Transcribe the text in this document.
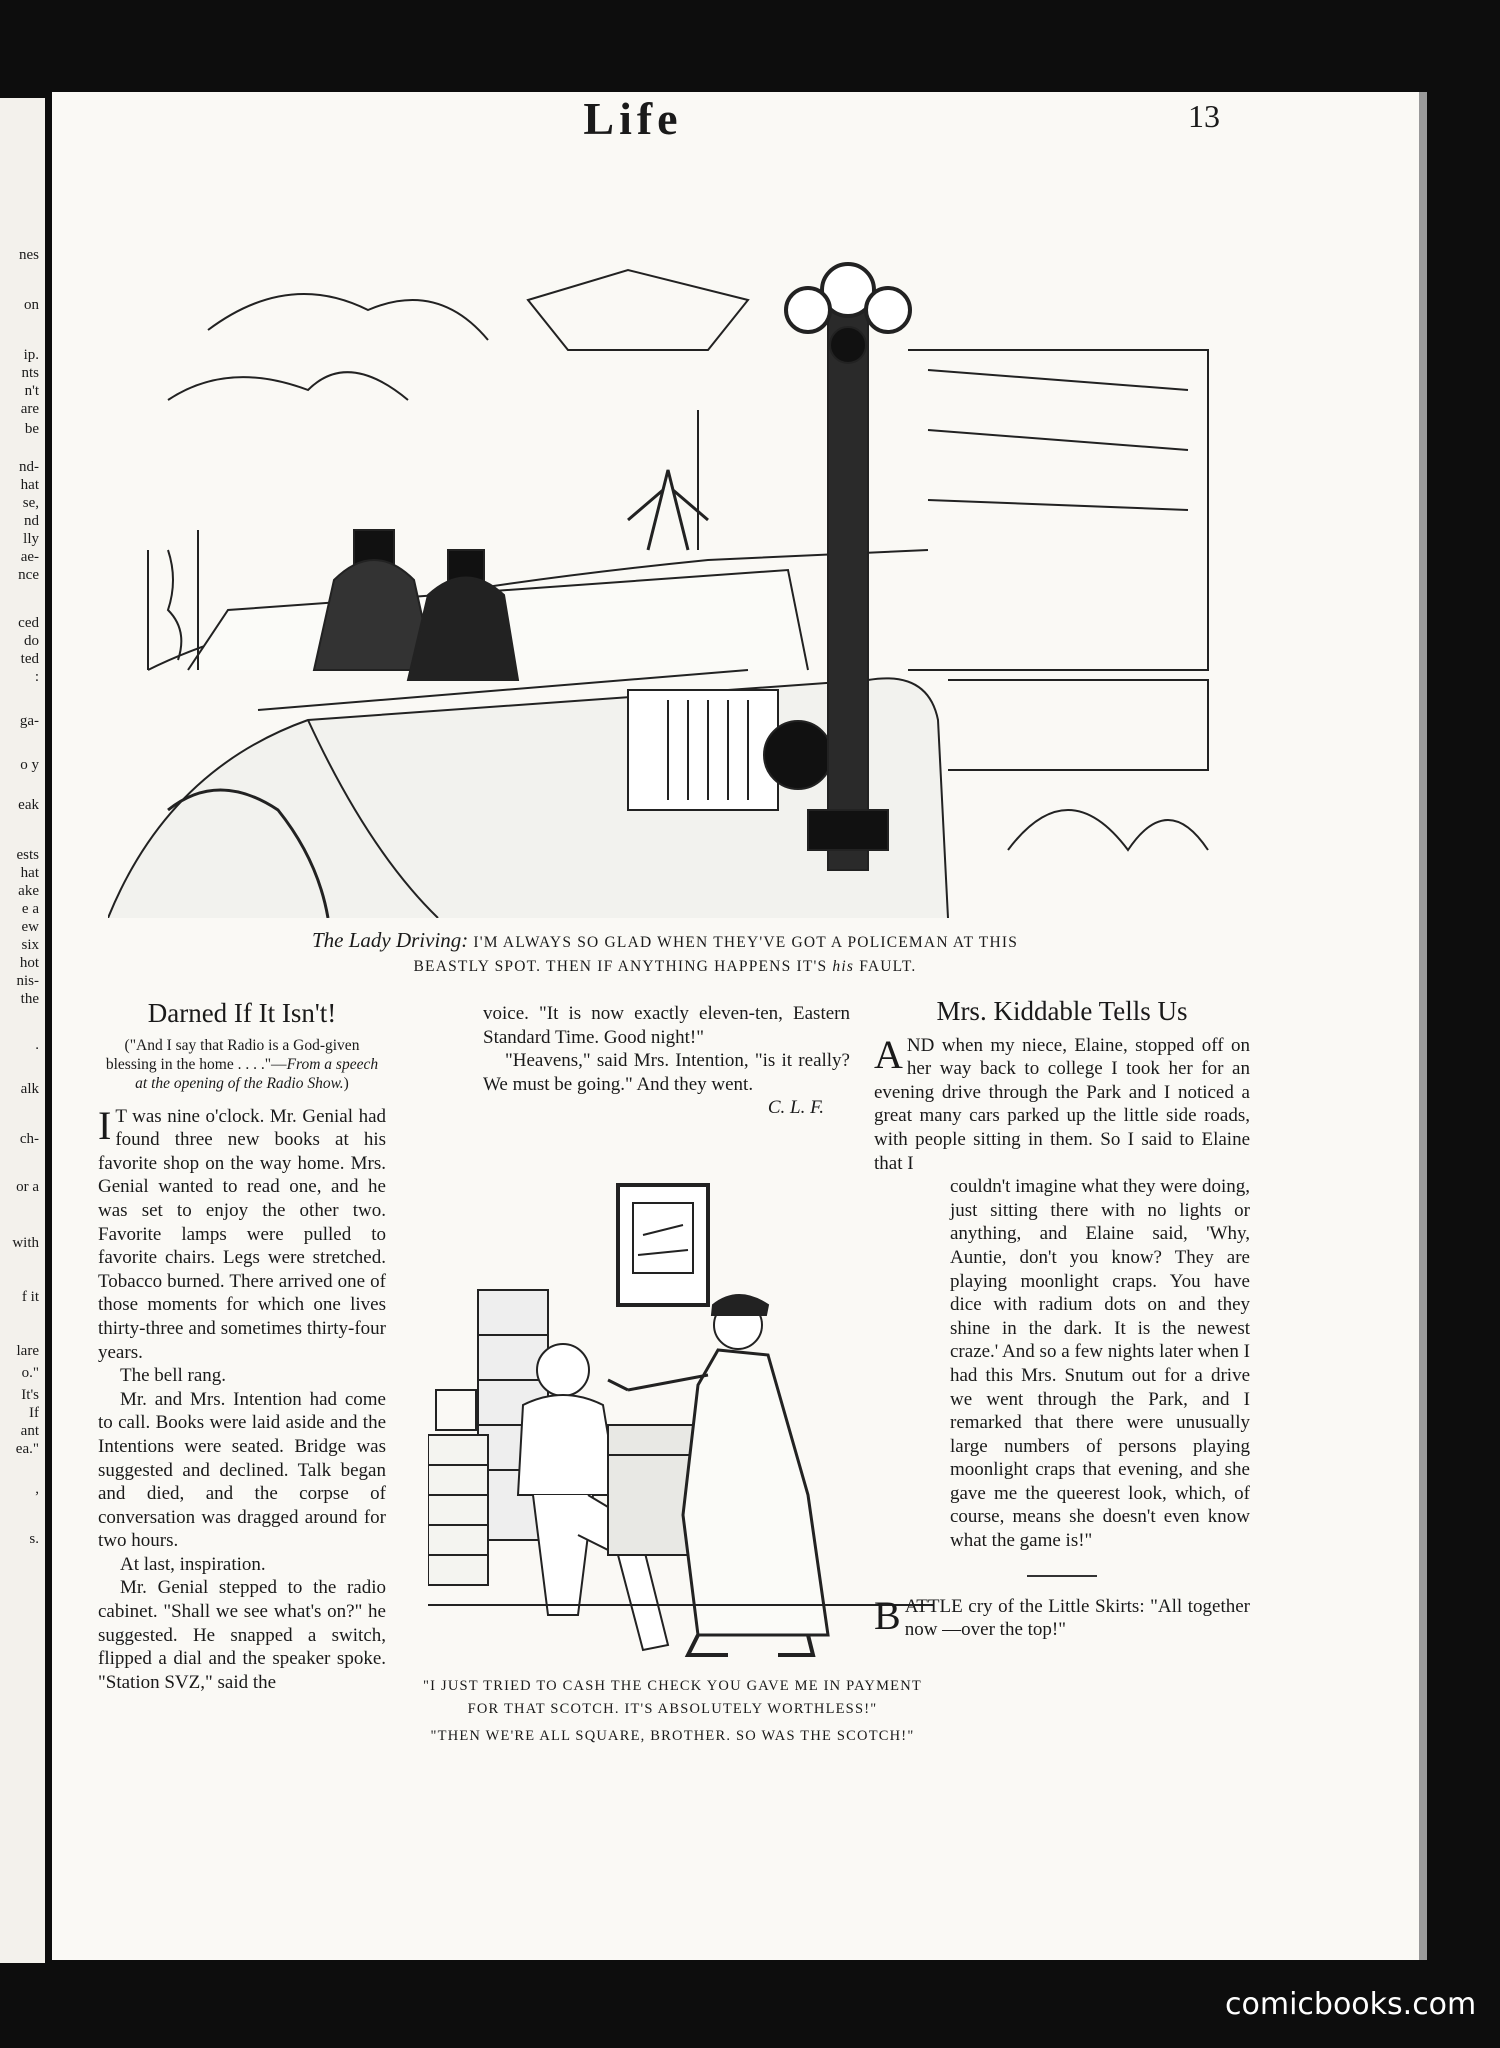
nes
on
ip.
nts
n't
are
be
nd-
hat
se,
nd
lly
ae-
nce
ced
do
ted
:
ga-
o y
eak
ests
hat
ake
e a
ew
six
hot
nis-
the
.
alk
ch-
or a
with
f it
lare
o."
It's
If
ant
ea."
,
s.
Life	13
The Lady Driving: I'M ALWAYS SO GLAD WHEN THEY'VE GOT A POLICEMAN AT THIS
BEASTLY SPOT. THEN IF ANYTHING HAPPENS IT'S his FAULT.
Darned If It Isn't!
("And I say that Radio is a God-given blessing in the home . . . ."—From a speech at the opening of the Radio Show.)

I T was nine o'clock. Mr. Genial had found three new books at his favorite shop on the way home. Mrs. Genial wanted to read one, and he was set to enjoy the other two. Favorite lamps were pulled to favorite chairs. Legs were stretched. Tobacco burned. There arrived one of those moments for which one lives thirty-three and sometimes thirty-four years.

The bell rang.

Mr. and Mrs. Intention had come to call. Books were laid aside and the Intentions were seated. Bridge was suggested and declined. Talk began and died, and the corpse of conversation was dragged around for two hours.

At last, inspiration.

Mr. Genial stepped to the radio cabinet. "Shall we see what's on?" he suggested. He snapped a switch, flipped a dial and the speaker spoke. "Station SVZ," said the

voice. "It is now exactly eleven-ten, Eastern Standard Time. Good night!"

"Heavens," said Mrs. Intention, "is it really? We must be going." And they went.

C. L. F.

"I JUST TRIED TO CASH THE CHECK YOU GAVE ME IN PAYMENT FOR THAT SCOTCH. IT'S ABSOLUTELY WORTHLESS!"
"THEN WE'RE ALL SQUARE, BROTHER. SO WAS THE SCOTCH!"
Mrs. Kiddable Tells Us

AND when my niece, Elaine, stopped off on her way back to college I took her for an evening drive through the Park and I noticed a great many cars parked up the little side roads, with people sitting in them. So I said to Elaine that I

couldn't imagine what they were doing, just sitting there with no lights or anything, and Elaine said, 'Why, Auntie, don't you know? They are playing moonlight craps. You have dice with radium dots on and they shine in the dark. It is the newest craze.' And so a few nights later when I had this Mrs. Snutum out for a drive we went through the Park, and I remarked that there were unusually large numbers of persons playing moonlight craps that evening, and she gave me the queerest look, which, of course, means she doesn't even know what the game is!"

BATTLE cry of the Little Skirts: "All together now —over the top!"

comicbooks.com
